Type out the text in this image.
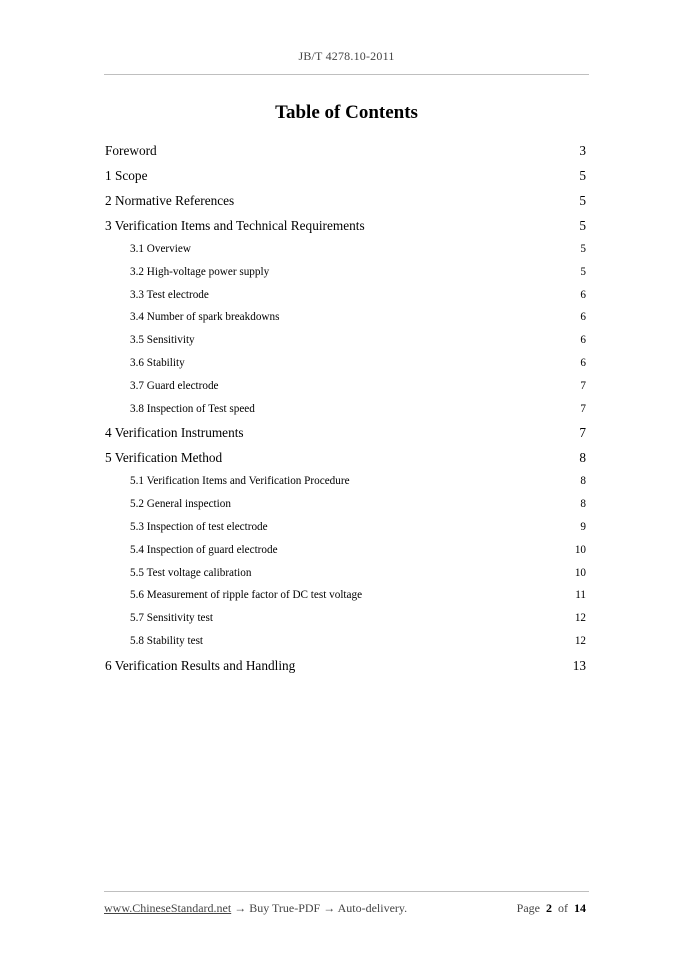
JB/T 4278.10-2011
Table of Contents
Foreword	3
1 Scope	5
2 Normative References	5
3 Verification Items and Technical Requirements	5
3.1 Overview	5
3.2 High-voltage power supply	5
3.3 Test electrode	6
3.4 Number of spark breakdowns	6
3.5 Sensitivity	6
3.6 Stability	6
3.7 Guard electrode	7
3.8 Inspection of Test speed	7
4 Verification Instruments	7
5 Verification Method	8
5.1 Verification Items and Verification Procedure	8
5.2 General inspection	8
5.3 Inspection of test electrode	9
5.4 Inspection of guard electrode	10
5.5 Test voltage calibration	10
5.6 Measurement of ripple factor of DC test voltage	11
5.7 Sensitivity test	12
5.8 Stability test	12
6 Verification Results and Handling	13
www.ChineseStandard.net → Buy True-PDF → Auto-delivery.	Page 2 of 14
